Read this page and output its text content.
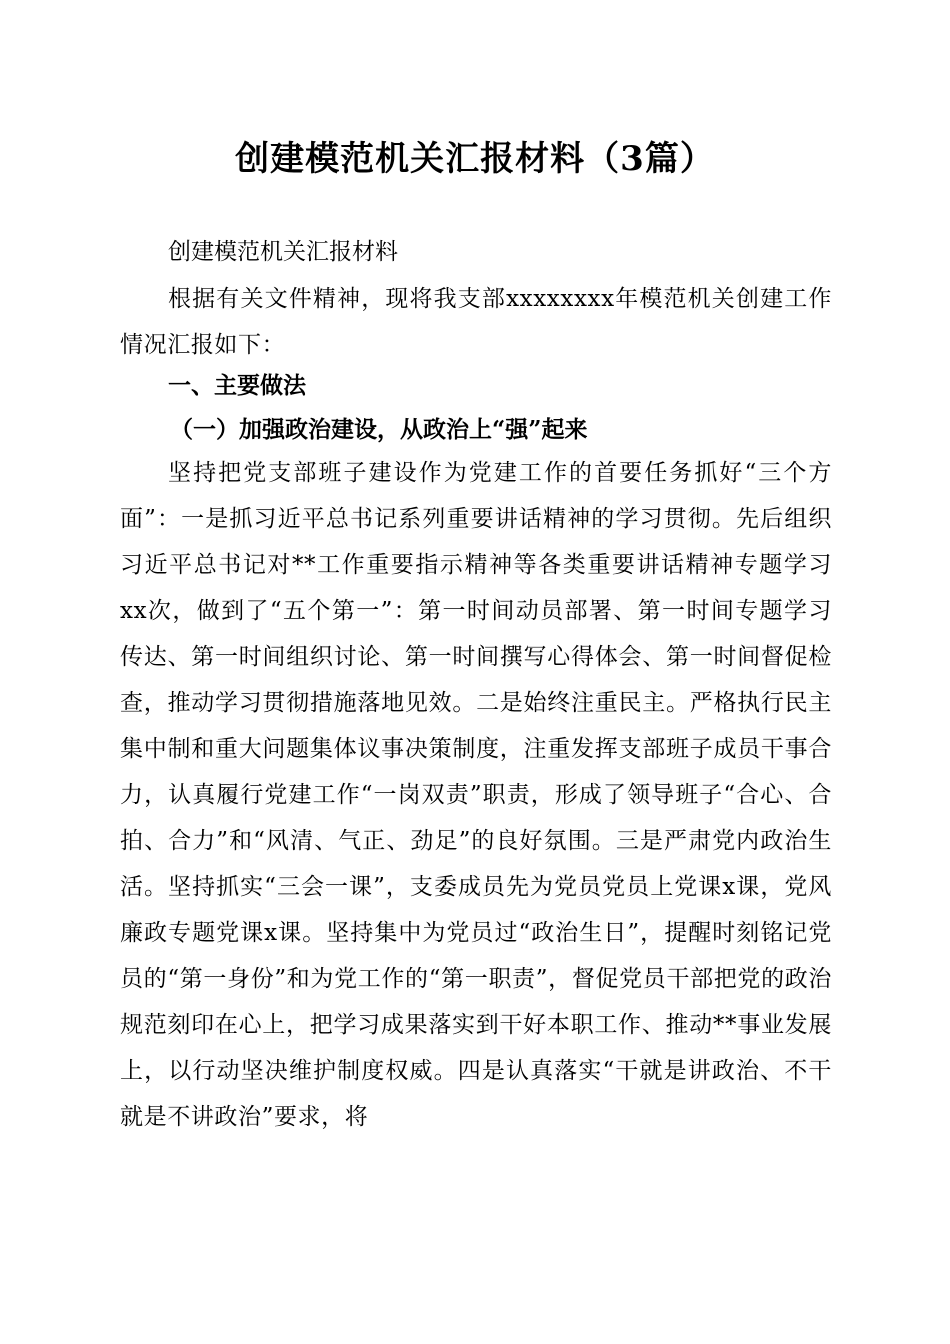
创建模范机关汇报材料（3篇）

创建模范机关汇报材料

根据有关文件精神，现将我支部xxxxxxxx年模范机关创建工作情况汇报如下：

一、主要做法
（一）加强政治建设，从政治上“强”起来

坚持把党支部班子建设作为党建工作的首要任务抓好“三个方面”：一是抓习近平总书记系列重要讲话精神的学习贯彻。先后组织习近平总书记对**工作重要指示精神等各类重要讲话精神专题学习xx次，做到了“五个第一”：第一时间动员部署、第一时间专题学习传达、第一时间组织讨论、第一时间撰写心得体会、第一时间督促检查，推动学习贯彻措施落地见效。二是始终注重民主。严格执行民主集中制和重大问题集体议事决策制度，注重发挥支部班子成员干事合力，认真履行党建工作“一岗双责”职责，形成了领导班子“合心、合拍、合力”和“风清、气正、劲足”的良好氛围。三是严肃党内政治生活。坚持抓实“三会一课”，支委成员先为党员党员上党课x课，党风廉政专题党课x课。坚持集中为党员过“政治生日”，提醒时刻铭记党员的“第一身份”和为党工作的“第一职责”，督促党员干部把党的政治规范刻印在心上，把学习成果落实到干好本职工作、推动**事业发展上，以行动坚决维护制度权威。四是认真落实“干就是讲政治、不干就是不讲政治”要求，将
